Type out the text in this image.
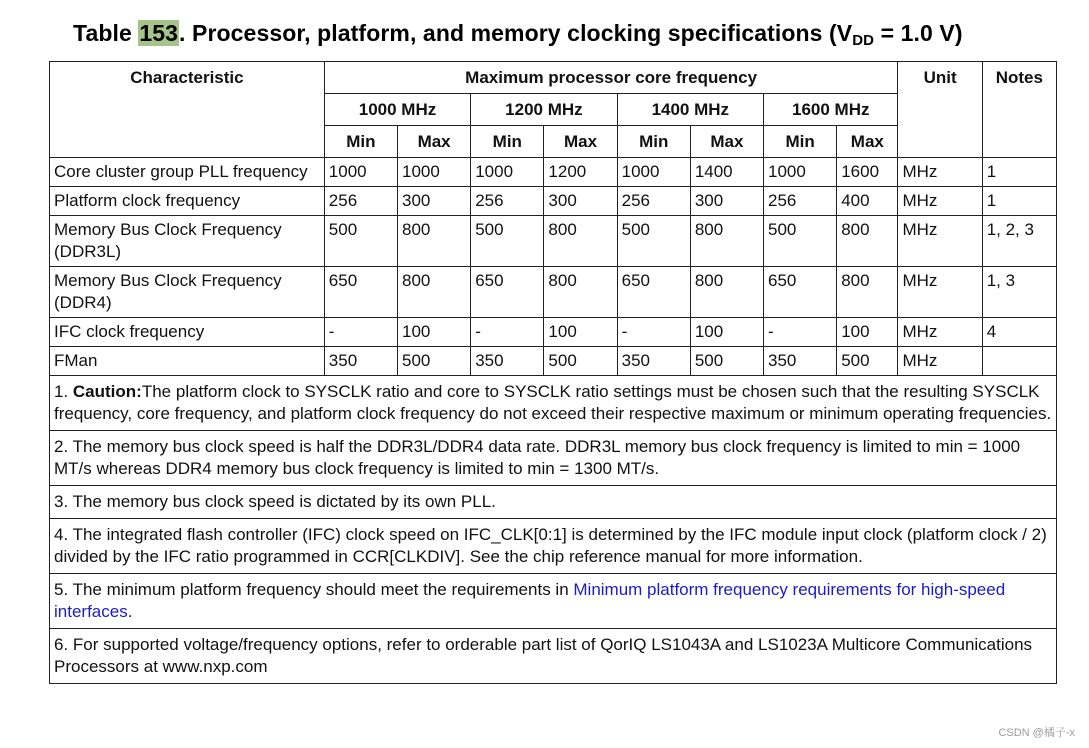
Table 153. Processor, platform, and memory clocking specifications ($V_{DD} = 1.0$ V)
Characteristic	Maximum processor core frequency								Unit	Notes
	1000 MHz		1200 MHz		1400 MHz		1600 MHz			
	Min	Max	Min	Max	Min	Max	Min	Max		
Core cluster group PLL frequency	1000	1000	1000	1200	1000	1400	1000	1600	MHz	1
Platform clock frequency	256	300	256	300	256	300	256	400	MHz	1
Memory Bus Clock Frequency (DDR3L)	500	800	500	800	500	800	500	800	MHz	1, 2, 3
Memory Bus Clock Frequency (DDR4)	650	800	650	800	650	800	650	800	MHz	1, 3
IFC clock frequency	-	100	-	100	-	100	-	100	MHz	4
FMan	350	500	350	500	350	500	350	500	MHz	
1. Caution:The platform clock to SYSCLK ratio and core to SYSCLK ratio settings must be chosen such that the resulting SYSCLK frequency, core frequency, and platform clock frequency do not exceed their respective maximum or minimum operating frequencies.										
2. The memory bus clock speed is half the DDR3L/DDR4 data rate. DDR3L memory bus clock frequency is limited to min = 1000 MT/s whereas DDR4 memory bus clock frequency is limited to min = 1300 MT/s.										
3. The memory bus clock speed is dictated by its own PLL.										
4. The integrated flash controller (IFC) clock speed on IFC_CLK[0:1] is determined by the IFC module input clock (platform clock / 2) divided by the IFC ratio programmed in CCR[CLKDIV]. See the chip reference manual for more information.										
5. The minimum platform frequency should meet the requirements in Minimum platform frequency requirements for high-speed interfaces.										
6. For supported voltage/frequency options, refer to orderable part list of QorIQ LS1043A and LS1023A Multicore Communications Processors at www.nxp.com										
CSDN @橘子-x
